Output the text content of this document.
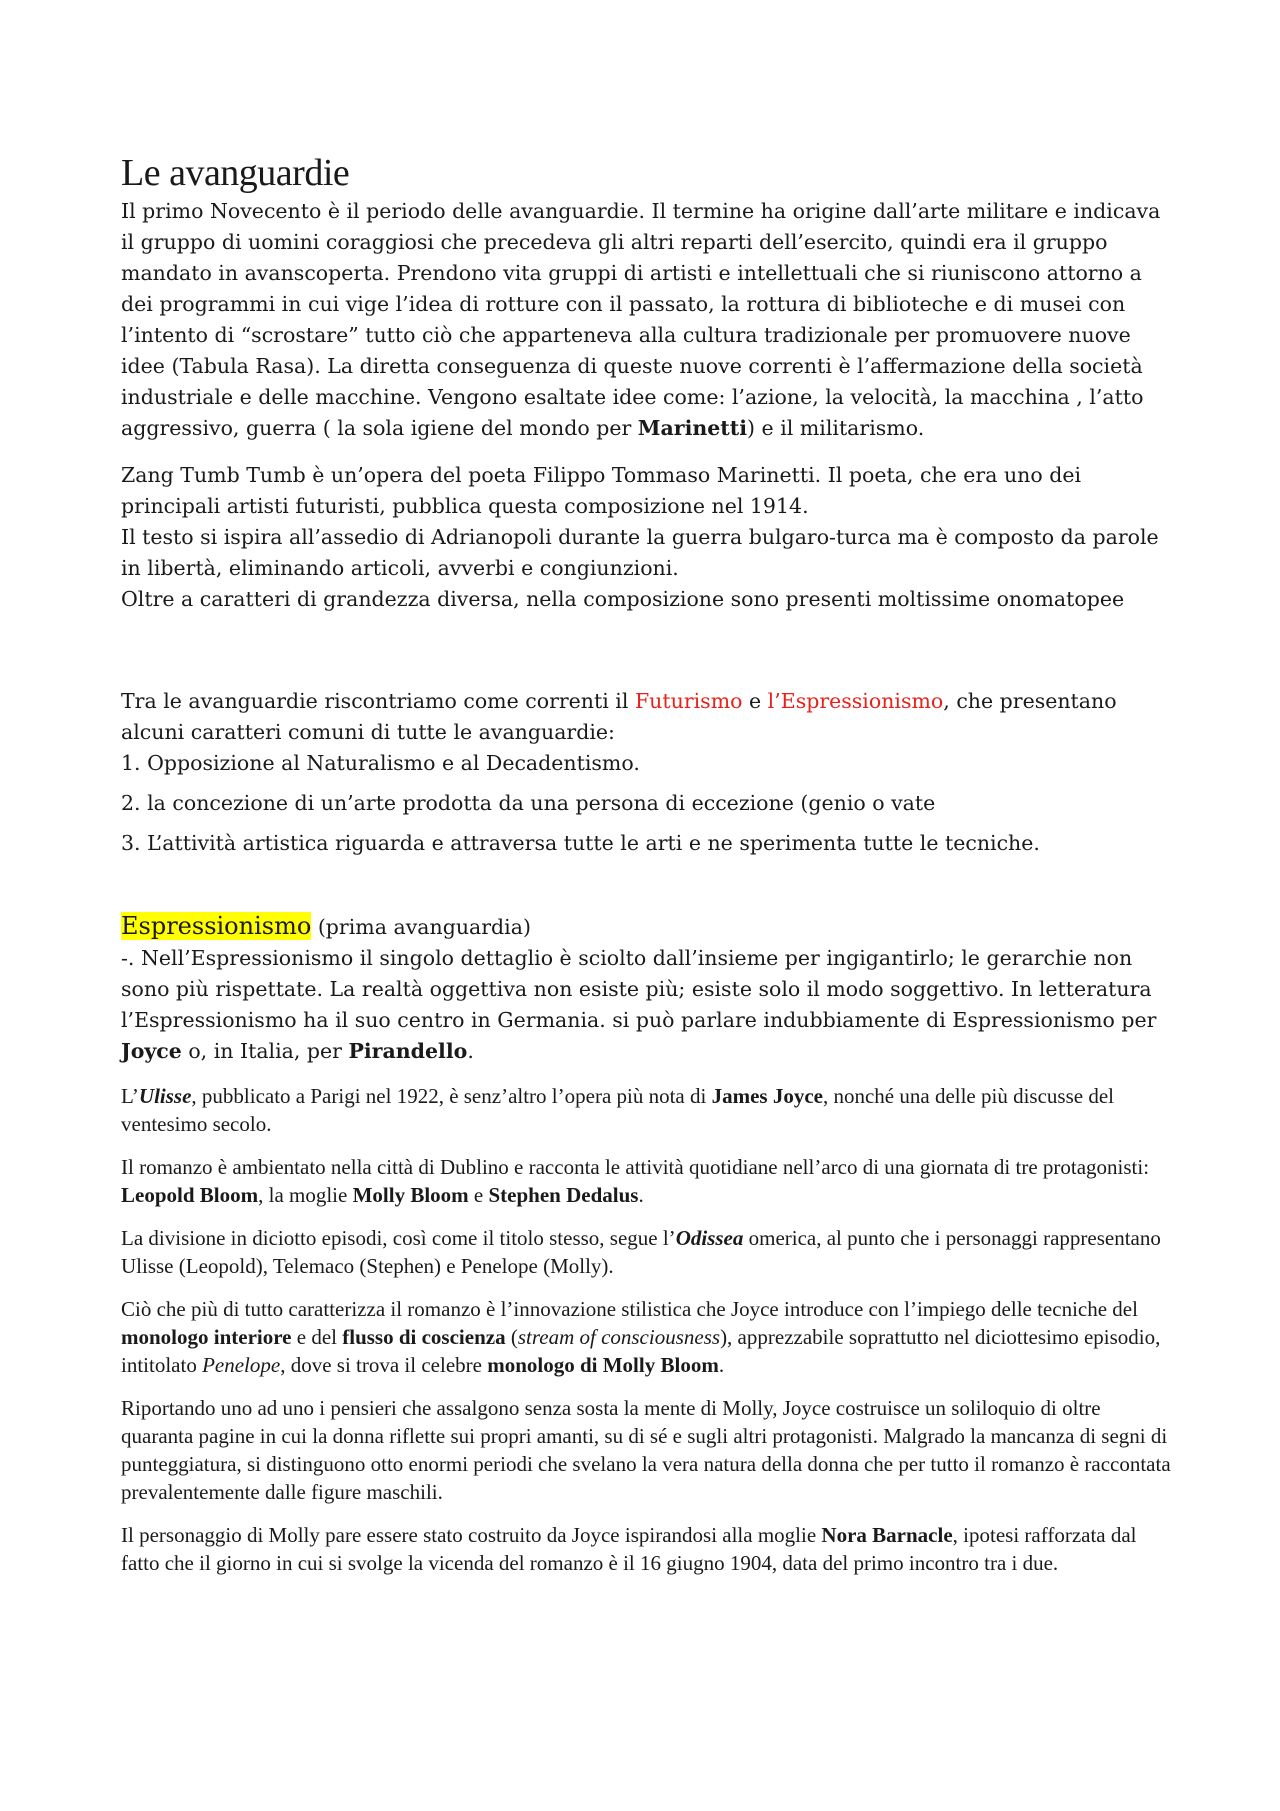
Le avanguardie

Il primo Novecento è il periodo delle avanguardie. Il termine ha origine dall’arte militare e indicava il gruppo di uomini coraggiosi che precedeva gli altri reparti dell’esercito, quindi era il gruppo mandato in avanscoperta. Prendono vita gruppi di artisti e intellettuali che si riuniscono attorno a dei programmi in cui vige l’idea di rotture con il passato, la rottura di biblioteche e di musei con l’intento di “scrostare” tutto ciò che apparteneva alla cultura tradizionale per promuovere nuove idee (Tabula Rasa). La diretta conseguenza di queste nuove correnti è l’affermazione della società industriale e delle macchine. Vengono esaltate idee come: l’azione, la velocità, la macchina , l’atto aggressivo, guerra ( la sola igiene del mondo per Marinetti) e il militarismo.

Zang Tumb Tumb è un’opera del poeta Filippo Tommaso Marinetti. Il poeta, che era uno dei principali artisti futuristi, pubblica questa composizione nel 1914.

Il testo si ispira all’assedio di Adrianopoli durante la guerra bulgaro-turca ma è composto da parole in libertà, eliminando articoli, avverbi e congiunzioni.

Oltre a caratteri di grandezza diversa, nella composizione sono presenti moltissime onomatopee

Tra le avanguardie riscontriamo come correnti il Futurismo e l’Espressionismo, che presentano alcuni caratteri comuni di tutte le avanguardie:

1. Opposizione al Naturalismo e al Decadentismo.

2. la concezione di un’arte prodotta da una persona di eccezione (genio o vate

3. L’attività artistica riguarda e attraversa tutte le arti e ne sperimenta tutte le tecniche.

Espressionismo (prima avanguardia)

-. Nell’Espressionismo il singolo dettaglio è sciolto dall’insieme per ingigantirlo; le gerarchie non sono più rispettate. La realtà oggettiva non esiste più; esiste solo il modo soggettivo. In letteratura l’Espressionismo ha il suo centro in Germania. si può parlare indubbiamente di Espressionismo per Joyce o, in Italia, per Pirandello.

L’Ulisse, pubblicato a Parigi nel 1922, è senz’altro l’opera più nota di James Joyce, nonché una delle più discusse del ventesimo secolo.

Il romanzo è ambientato nella città di Dublino e racconta le attività quotidiane nell’arco di una giornata di tre protagonisti: Leopold Bloom, la moglie Molly Bloom e Stephen Dedalus.

La divisione in diciotto episodi, così come il titolo stesso, segue l’Odissea omerica, al punto che i personaggi rappresentano Ulisse (Leopold), Telemaco (Stephen) e Penelope (Molly).

Ciò che più di tutto caratterizza il romanzo è l’innovazione stilistica che Joyce introduce con l’impiego delle tecniche del monologo interiore e del flusso di coscienza (stream of consciousness), apprezzabile soprattutto nel diciottesimo episodio, intitolato Penelope, dove si trova il celebre monologo di Molly Bloom.

Riportando uno ad uno i pensieri che assalgono senza sosta la mente di Molly, Joyce costruisce un soliloquio di oltre quaranta pagine in cui la donna riflette sui propri amanti, su di sé e sugli altri protagonisti. Malgrado la mancanza di segni di punteggiatura, si distinguono otto enormi periodi che svelano la vera natura della donna che per tutto il romanzo è raccontata prevalentemente dalle figure maschili.

Il personaggio di Molly pare essere stato costruito da Joyce ispirandosi alla moglie Nora Barnacle, ipotesi rafforzata dal fatto che il giorno in cui si svolge la vicenda del romanzo è il 16 giugno 1904, data del primo incontro tra i due.
